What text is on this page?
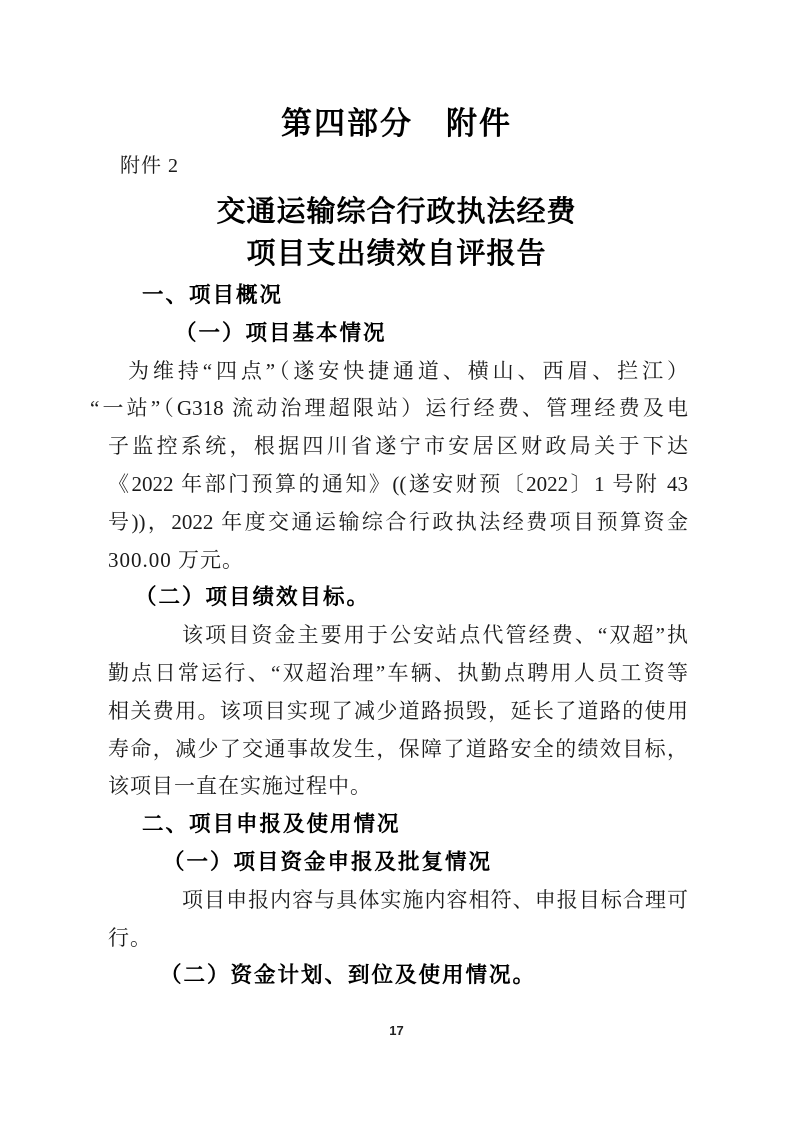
第四部分　附件
附件 2
交通运输综合行政执法经费
项目支出绩效自评报告
一、项目概况
（一）项目基本情况
为维持“四点”（遂安快捷通道、横山、西眉、拦江）
“一站”（G318 流动治理超限站）运行经费、管理经费及电
子监控系统，根据四川省遂宁市安居区财政局关于下达
《2022 年部门预算的通知》((遂安财预〔2022〕1 号附 43
号))，2022 年度交通运输综合行政执法经费项目预算资金
300.00 万元。
（二）项目绩效目标。
该项目资金主要用于公安站点代管经费、“双超”执
勤点日常运行、“双超治理”车辆、执勤点聘用人员工资等
相关费用。该项目实现了减少道路损毁，延长了道路的使用
寿命，减少了交通事故发生，保障了道路安全的绩效目标，
该项目一直在实施过程中。
二、项目申报及使用情况
（一）项目资金申报及批复情况
项目申报内容与具体实施内容相符、申报目标合理可
行。
（二）资金计划、到位及使用情况。
17
